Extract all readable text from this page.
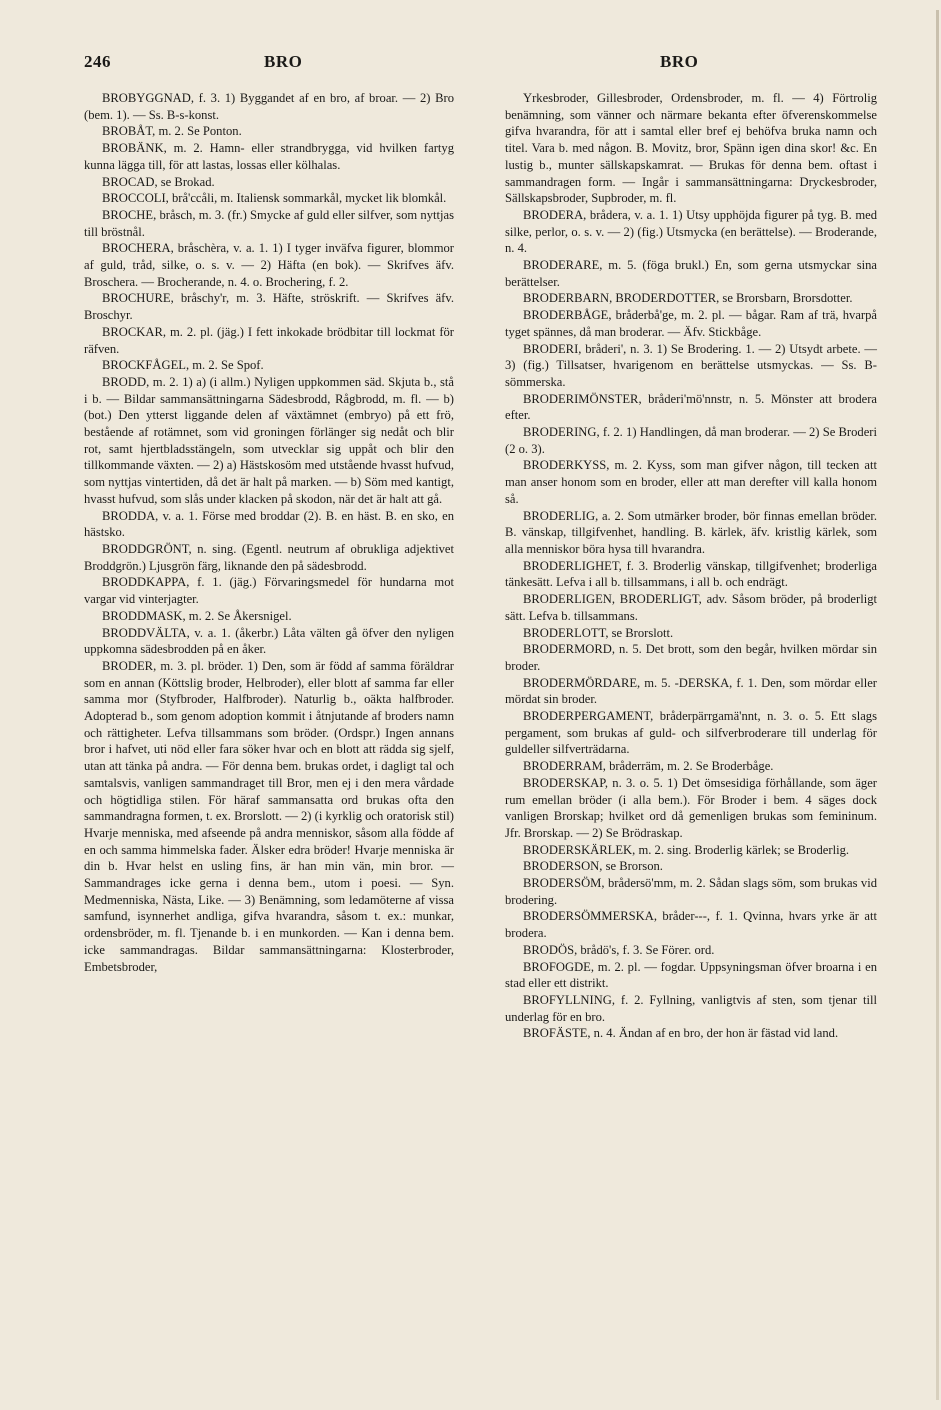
246	BRO	BRO

BROBYGGNAD, f. 3. 1) Byggandet af en bro, af broar. — 2) Bro (bem. 1). — Ss. B-s-konst.

BROBÅT, m. 2. Se Ponton.

BROBÄNK, m. 2. Hamn- eller strandbrygga, vid hvilken fartyg kunna lägga till, för att lastas, lossas eller kölhalas.

BROCAD, se Brokad.

BROCCOLI, brå'ccåli, m. Italiensk sommarkål, mycket lik blomkål.

BROCHE, bråsch, m. 3. (fr.) Smycke af guld eller silfver, som nyttjas till bröstnål.

BROCHERA, bråschèra, v. a. 1. 1) I tyger inväfva figurer, blommor af guld, tråd, silke, o. s. v. — 2) Häfta (en bok). — Skrifves äfv. Broschera. — Brocherande, n. 4. o. Brochering, f. 2.

BROCHURE, bråschy'r, m. 3. Häfte, ströskrift. — Skrifves äfv. Broschyr.

BROCKAR, m. 2. pl. (jäg.) I fett inkokade brödbitar till lockmat för räfven.

BROCKFÅGEL, m. 2. Se Spof.

BRODD, m. 2. 1) a) (i allm.) Nyligen uppkommen säd. Skjuta b., stå i b. — Bildar sammansättningarna Sädesbrodd, Rågbrodd, m. fl. — b) (bot.) Den ytterst liggande delen af växtämnet (embryo) på ett frö, bestående af rotämnet, som vid groningen förlänger sig nedåt och blir rot, samt hjertbladsstängeln, som utvecklar sig uppåt och blir den tillkommande växten. — 2) a) Hästskosöm med utstående hvasst hufvud, som nyttjas vintertiden, då det är halt på marken. — b) Söm med kantigt, hvasst hufvud, som slås under klacken på skodon, när det är halt att gå.

BRODDA, v. a. 1. Förse med broddar (2). B. en häst. B. en sko, en hästsko.

BRODDGRÖNT, n. sing. (Egentl. neutrum af obrukliga adjektivet Broddgrön.) Ljusgrön färg, liknande den på sädesbrodd.

BRODDKAPPA, f. 1. (jäg.) Förvaringsmedel för hundarna mot vargar vid vinterjagter.

BRODDMASK, m. 2. Se Åkersnigel.

BRODDVÄLTA, v. a. 1. (åkerbr.) Låta välten gå öfver den nyligen uppkomna sädesbrodden på en åker.

BRODER, m. 3. pl. bröder. 1) Den, som är född af samma föräldrar som en annan (Köttslig broder, Helbroder), eller blott af samma far eller samma mor (Styfbroder, Halfbroder). Naturlig b., oäkta halfbroder. Adopterad b., som genom adoption kommit i åtnjutande af broders namn och rättigheter. Lefva tillsammans som bröder. (Ordspr.) Ingen annans bror i hafvet, uti nöd eller fara söker hvar och en blott att rädda sig sjelf, utan att tänka på andra. — För denna bem. brukas ordet, i dagligt tal och samtalsvis, vanligen sammandraget till Bror, men ej i den mera vårdade och högtidliga stilen. För häraf sammansatta ord brukas ofta den sammandragna formen, t. ex. Brorslott. — 2) (i kyrklig och oratorisk stil) Hvarje menniska, med afseende på andra menniskor, såsom alla födde af en och samma himmelska fader. Älsker edra bröder! Hvarje menniska är din b. Hvar helst en usling fins, är han min vän, min bror. — Sammandrages icke gerna i denna bem., utom i poesi. — Syn. Medmenniska, Nästa, Like. — 3) Benämning, som ledamöterne af vissa samfund, isynnerhet andliga, gifva hvarandra, såsom t. ex.: munkar, ordensbröder, m. fl. Tjenande b. i en munkorden. — Kan i denna bem. icke sammandragas. Bildar sammansättningarna: Klosterbroder, Embetsbroder,

Yrkesbroder, Gillesbroder, Ordensbroder, m. fl. — 4) Förtrolig benämning, som vänner och närmare bekanta efter öfverenskommelse gifva hvarandra, för att i samtal eller bref ej behöfva bruka namn och titel. Vara b. med någon. B. Movitz, bror, Spänn igen dina skor! &c. En lustig b., munter sällskapskamrat. — Brukas för denna bem. oftast i sammandragen form. — Ingår i sammansättningarna: Dryckesbroder, Sällskapsbroder, Supbroder, m. fl.

BRODERA, bråderа, v. a. 1. 1) Utsy upphöjda figurer på tyg. B. med silke, perlor, o. s. v. — 2) (fig.) Utsmycka (en berättelse). — Broderande, n. 4.

BRODERARE, m. 5. (föga brukl.) En, som gerna utsmyckar sina berättelser.

BRODERBARN, BRODERDOTTER, se Brorsbarn, Brorsdotter.

BRODERBÅGE, bråderbå'ge, m. 2. pl. — bågar. Ram af trä, hvarpå tyget spännes, då man broderar. — Äfv. Stickbåge.

BRODERI, bråderi', n. 3. 1) Se Brodering. 1. — 2) Utsydt arbete. — 3) (fig.) Tillsatser, hvarigenom en berättelse utsmyckas. — Ss. B-sömmerska.

BRODERIMÖNSTER, bråderi'mö'nnstr, n. 5. Mönster att brodera efter.

BRODERING, f. 2. 1) Handlingen, då man broderar. — 2) Se Broderi (2 o. 3).

BRODERKYSS, m. 2. Kyss, som man gifver någon, till tecken att man anser honom som en broder, eller att man derefter vill kalla honom så.

BRODERLIG, a. 2. Som utmärker broder, bör finnas emellan bröder. B. vänskap, tillgifvenhet, handling. B. kärlek, äfv. kristlig kärlek, som alla menniskor böra hysa till hvarandra.

BRODERLIGHET, f. 3. Broderlig vänskap, tillgifvenhet; broderliga tänkesätt. Lefva i all b. tillsammans, i all b. och endrägt.

BRODERLIGEN, BRODERLIGT, adv. Såsom bröder, på broderligt sätt. Lefva b. tillsammans.

BRODERLOTT, se Brorslott.

BRODERMORD, n. 5. Det brott, som den begår, hvilken mördar sin broder.

BRODERMÖRDARE, m. 5. -DERSKA, f. 1. Den, som mördar eller mördat sin broder.

BRODERPERGAMENT, bråderpärrgamä'nnt, n. 3. o. 5. Ett slags pergament, som brukas af guld- och silfverbroderare till underlag för guldeller silfverträdarna.

BRODERRAM, bråderräm, m. 2. Se Broderbåge.

BRODERSKAP, n. 3. o. 5. 1) Det ömsesidiga förhållande, som äger rum emellan bröder (i alla bem.). För Broder i bem. 4 säges dock vanligen Brorskap; hvilket ord då gemenligen brukas som femininum. Jfr. Brorskap. — 2) Se Brödraskap.

BRODERSKÄRLEK, m. 2. sing. Broderlig kärlek; se Broderlig.

BRODERSON, se Brorson.

BRODERSÖM, brådersö'mm, m. 2. Sådan slags söm, som brukas vid brodering.

BRODERSÖMMERSKA, bråder---, f. 1. Qvinna, hvars yrke är att brodera.

BRODÖS, brådö's, f. 3. Se Förег. ord.

BROFOGDE, m. 2. pl. — fogdar. Uppsyningsman öfver broarna i en stad eller ett distrikt.

BROFYLLNING, f. 2. Fyllning, vanligtvis af sten, som tjenar till underlag för en bro.

BROFÄSTE, n. 4. Ändan af en bro, der hon är fästad vid land.
